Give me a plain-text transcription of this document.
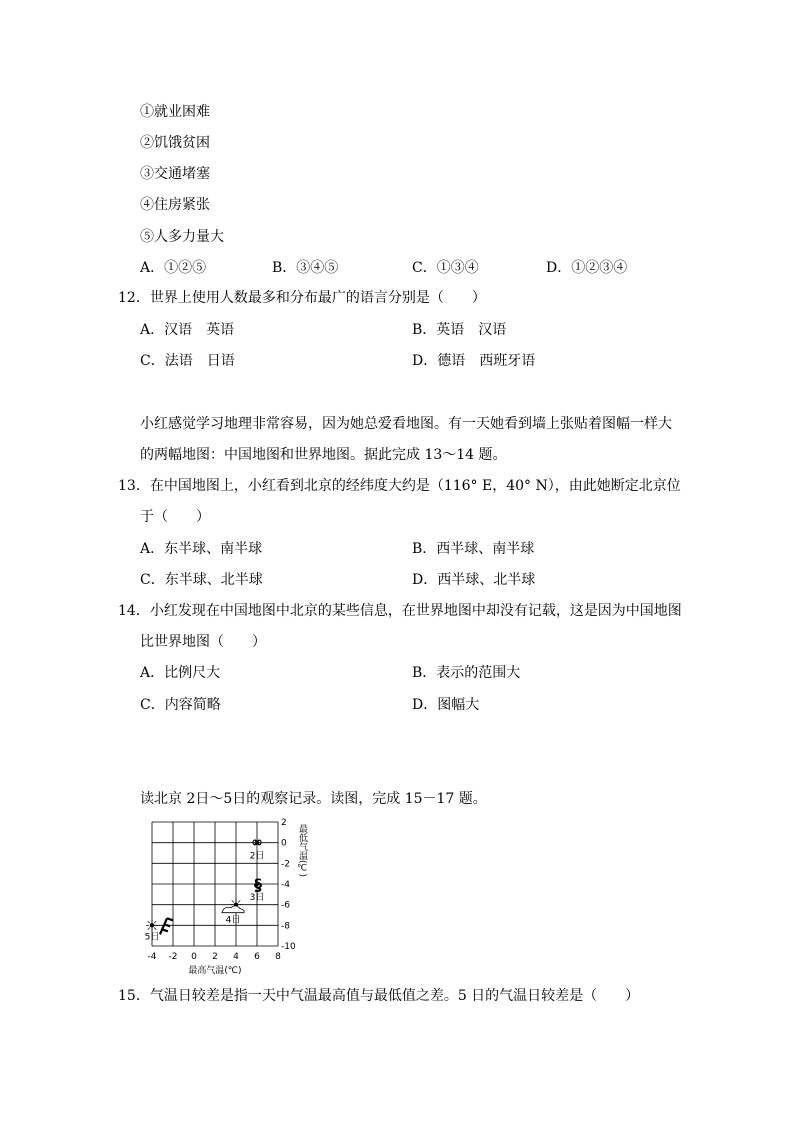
①就业困难
②饥饿贫困
③交通堵塞
④住房紧张
⑤人多力量大
A．①②⑤	B．③④⑤	C．①③④	D．①②③④
12．世界上使用人数最多和分布最广的语言分别是（　　）
A．汉语　英语	B．英语　汉语
C．法语　日语	D．德语　西班牙语
小红感觉学习地理非常容易，因为她总爱看地图。有一天她看到墙上张贴着图幅一样大
的两幅地图：中国地图和世界地图。据此完成 13～14 题。
13．在中国地图上，小红看到北京的经纬度大约是（116° E，40° N），由此她断定北京位
于（　　）
A．东半球、南半球	B．西半球、南半球
C．东半球、北半球	D．西半球、北半球
14．小红发现在中国地图中北京的某些信息，在世界地图中却没有记载，这是因为中国地图
比世界地图（　　）
A．比例尺大	B．表示的范围大
C．内容简略	D．图幅大
读北京 2日～5日的观察记录。读图，完成 15－17 题。
-4 -2 0 2 4 6 8
2
0
-2
-4
-6
-8
-10
最高气温(℃)
最低气温(℃)
∞
2日
§
3日
4日
5日
15．气温日较差是指一天中气温最高值与最低值之差。5 日的气温日较差是（　　）
